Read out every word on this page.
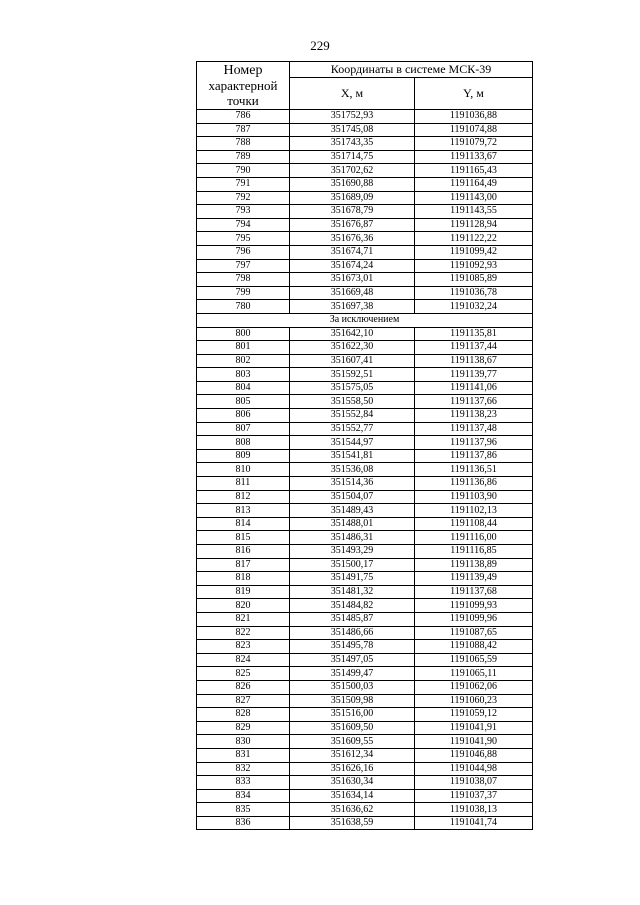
229
Номер
характерной точки	Координаты в системе МСК-39	
	X, м	Y, м
786	351752,93	1191036,88
787	351745,08	1191074,88
788	351743,35	1191079,72
789	351714,75	1191133,67
790	351702,62	1191165,43
791	351690,88	1191164,49
792	351689,09	1191143,00
793	351678,79	1191143,55
794	351676,87	1191128,94
795	351676,36	1191122,22
796	351674,71	1191099,42
797	351674,24	1191092,93
798	351673,01	1191085,89
799	351669,48	1191036,78
780	351697,38	1191032,24
За исключением		
800	351642,10	1191135,81
801	351622,30	1191137,44
802	351607,41	1191138,67
803	351592,51	1191139,77
804	351575,05	1191141,06
805	351558,50	1191137,66
806	351552,84	1191138,23
807	351552,77	1191137,48
808	351544,97	1191137,96
809	351541,81	1191137,86
810	351536,08	1191136,51
811	351514,36	1191136,86
812	351504,07	1191103,90
813	351489,43	1191102,13
814	351488,01	1191108,44
815	351486,31	1191116,00
816	351493,29	1191116,85
817	351500,17	1191138,89
818	351491,75	1191139,49
819	351481,32	1191137,68
820	351484,82	1191099,93
821	351485,87	1191099,96
822	351486,66	1191087,65
823	351495,78	1191088,42
824	351497,05	1191065,59
825	351499,47	1191065,11
826	351500,03	1191062,06
827	351509,98	1191060,23
828	351516,00	1191059,12
829	351609,50	1191041,91
830	351609,55	1191041,90
831	351612,34	1191046,88
832	351626,16	1191044,98
833	351630,34	1191038,07
834	351634,14	1191037,37
835	351636,62	1191038,13
836	351638,59	1191041,74
